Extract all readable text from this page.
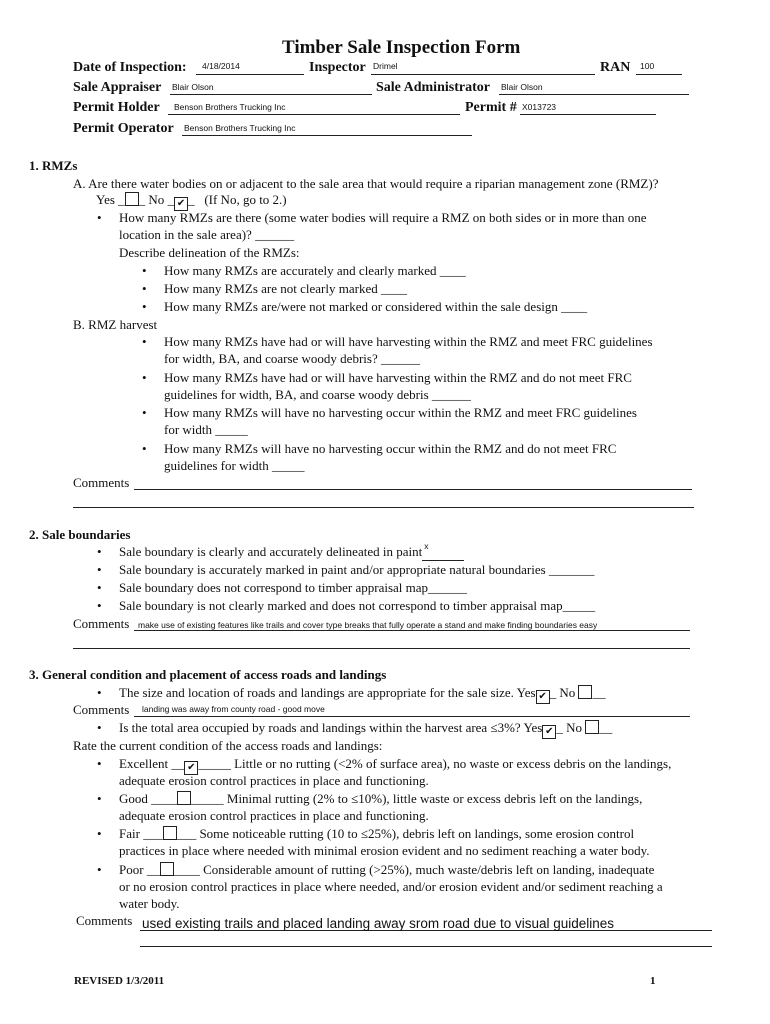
Timber Sale Inspection Form
Date of Inspection: 4/18/2014	Inspector Drimel	RAN 100
Sale Appraiser Blair Olson	Sale Administrator Blair Olson
Permit Holder Benson Brothers Trucking Inc	Permit # X013723
Permit Operator Benson Brothers Trucking Inc
1. RMZs
A. Are there water bodies on or adjacent to the sale area that would require a riparian management zone (RMZ)?
Yes _ _ No _ ✔ _ (If No, go to 2.)
• How many RMZs are there (some water bodies will require a RMZ on both sides or in more than one
location in the sale area)? ______
Describe delineation of the RMZs:
• How many RMZs are accurately and clearly marked ____
• How many RMZs are not clearly marked ____
• How many RMZs are/were not marked or considered within the sale design ____
B. RMZ harvest
• How many RMZs have had or will have harvesting within the RMZ and meet FRC guidelines
for width, BA, and coarse woody debris? ______
• How many RMZs have had or will have harvesting within the RMZ and do not meet FRC
guidelines for width, BA, and coarse woody debris ______
• How many RMZs will have no harvesting occur within the RMZ and meet FRC guidelines
for width _____
• How many RMZs will have no harvesting occur within the RMZ and do not meet FRC
guidelines for width _____
Comments
2. Sale boundaries
• Sale boundary is clearly and accurately delineated in paint x

• Sale boundary is accurately marked in paint and/or appropriate natural boundaries _______
• Sale boundary does not correspond to timber appraisal map______
• Sale boundary is not clearly marked and does not correspond to timber appraisal map_____
Comments make use of existing features like trails and cover type breaks that fully operate a stand and make finding boundaries easy
3. General condition and placement of access roads and landings
• The size and location of roads and landings are appropriate for the sale size. Yes ✔ _ No __
Comments landing was away from county road - good move
• Is the total area occupied by roads and landings within the harvest area ≤3%? Yes ✔ _ No __
Rate the current condition of the access roads and landings:
• Excellent __ ✔ _____ Little or no rutting (<2% of surface area), no waste or excess debris on the landings,
adequate erosion control practices in place and functioning.
• Good ____ _____ Minimal rutting (2% to ≤10%), little waste or excess debris left on the landings,
adequate erosion control practices in place and functioning.
• Fair ___ ___ Some noticeable rutting (10 to ≤25%), debris left on landings, some erosion control
practices in place where needed with minimal erosion evident and no sediment reaching a water body.
• Poor __ ____ Considerable amount of rutting (>25%), much waste/debris left on landing, inadequate
or no erosion control practices in place where needed, and/or erosion evident and/or sediment reaching a
water body.
Comments used existing trails and placed landing away srom road due to visual guidelines
REVISED 1/3/2011	1
